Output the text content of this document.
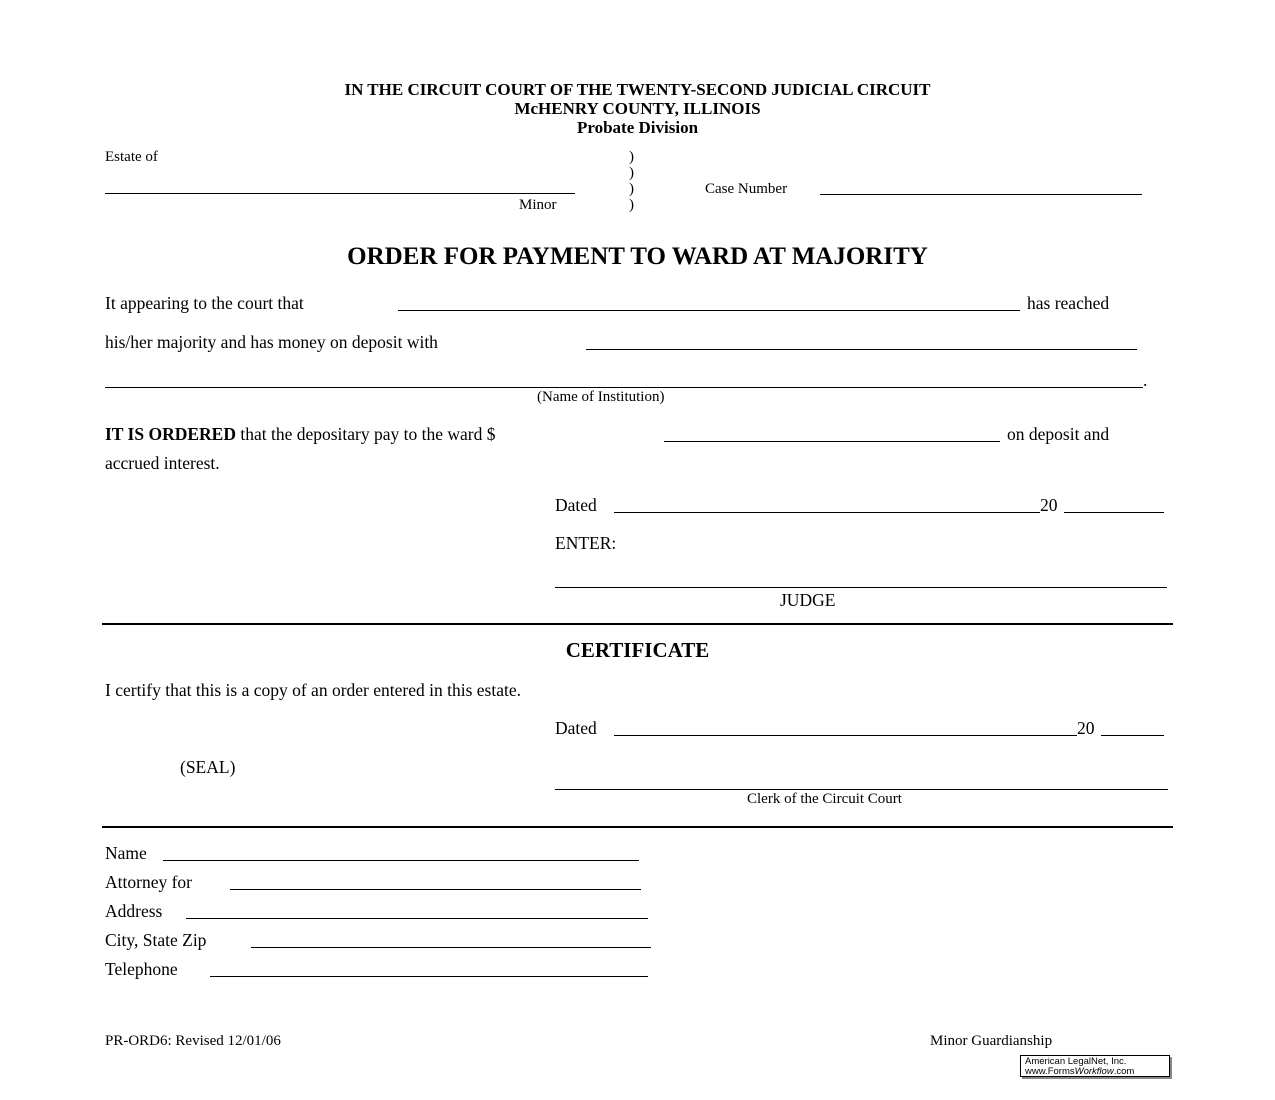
IN THE CIRCUIT COURT OF THE TWENTY-SECOND JUDICIAL CIRCUIT
McHENRY COUNTY, ILLINOIS
Probate Division
Estate of
Minor
)
)
)
)
Case Number
ORDER FOR PAYMENT TO WARD AT MAJORITY
It appearing to the court that	has reached
his/her majority and has money on deposit with
.
(Name of Institution)
IT IS ORDERED that the depositary pay to the ward $	on deposit and
accrued interest.
Dated	20
ENTER:
JUDGE
CERTIFICATE
I certify that this is a copy of an order entered in this estate.
Dated	20
(SEAL)
Clerk of the Circuit Court
Name
Attorney for
Address
City, State Zip
Telephone
PR-ORD6: Revised 12/01/06	Minor Guardianship
American LegalNet, Inc.
www.FormsWorkflow.com
